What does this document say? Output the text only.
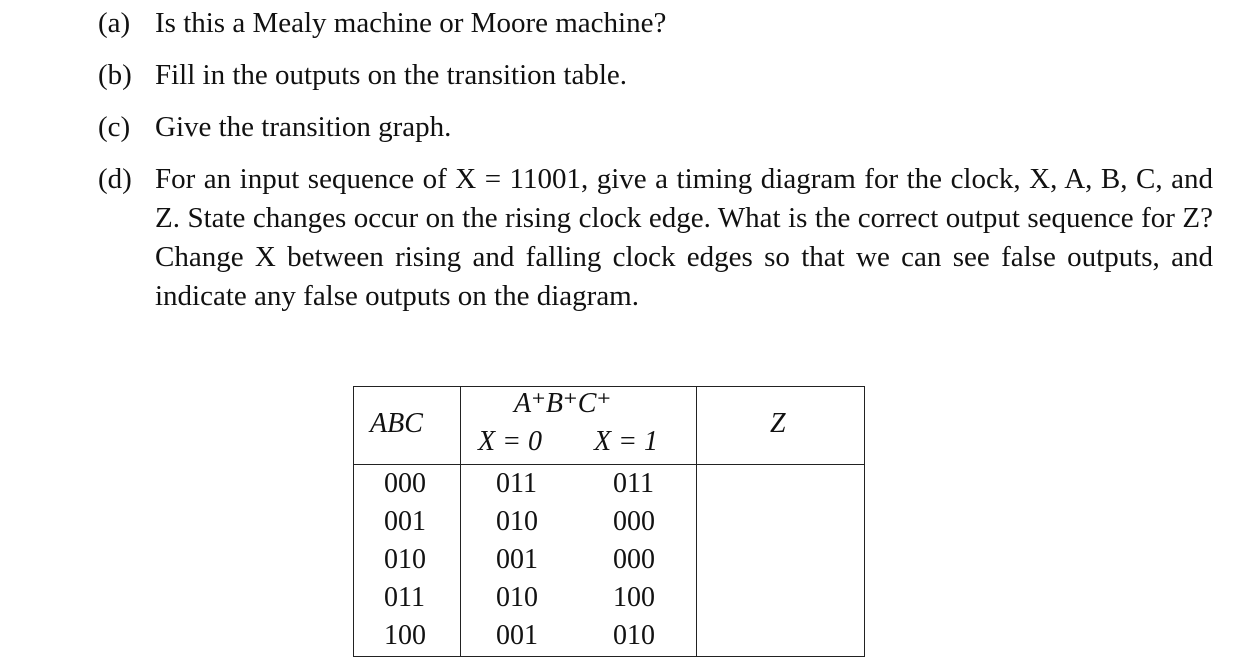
(a) Is this a Mealy machine or Moore machine?
(b) Fill in the outputs on the transition table.
(c) Give the transition graph.
(d) For an input sequence of X = 11001, give a timing diagram for the clock, X, A, B, C, and Z. State changes occur on the rising clock edge. What is the correct output sequence for Z? Change X between rising and falling clock edges so that we can see false outputs, and indicate any false outputs on the diagram.
ABC
A⁺B⁺C⁺
X = 0 X = 1
Z
000	011	011
001	010	000
010	001	000
011	010	100
100	001	010
